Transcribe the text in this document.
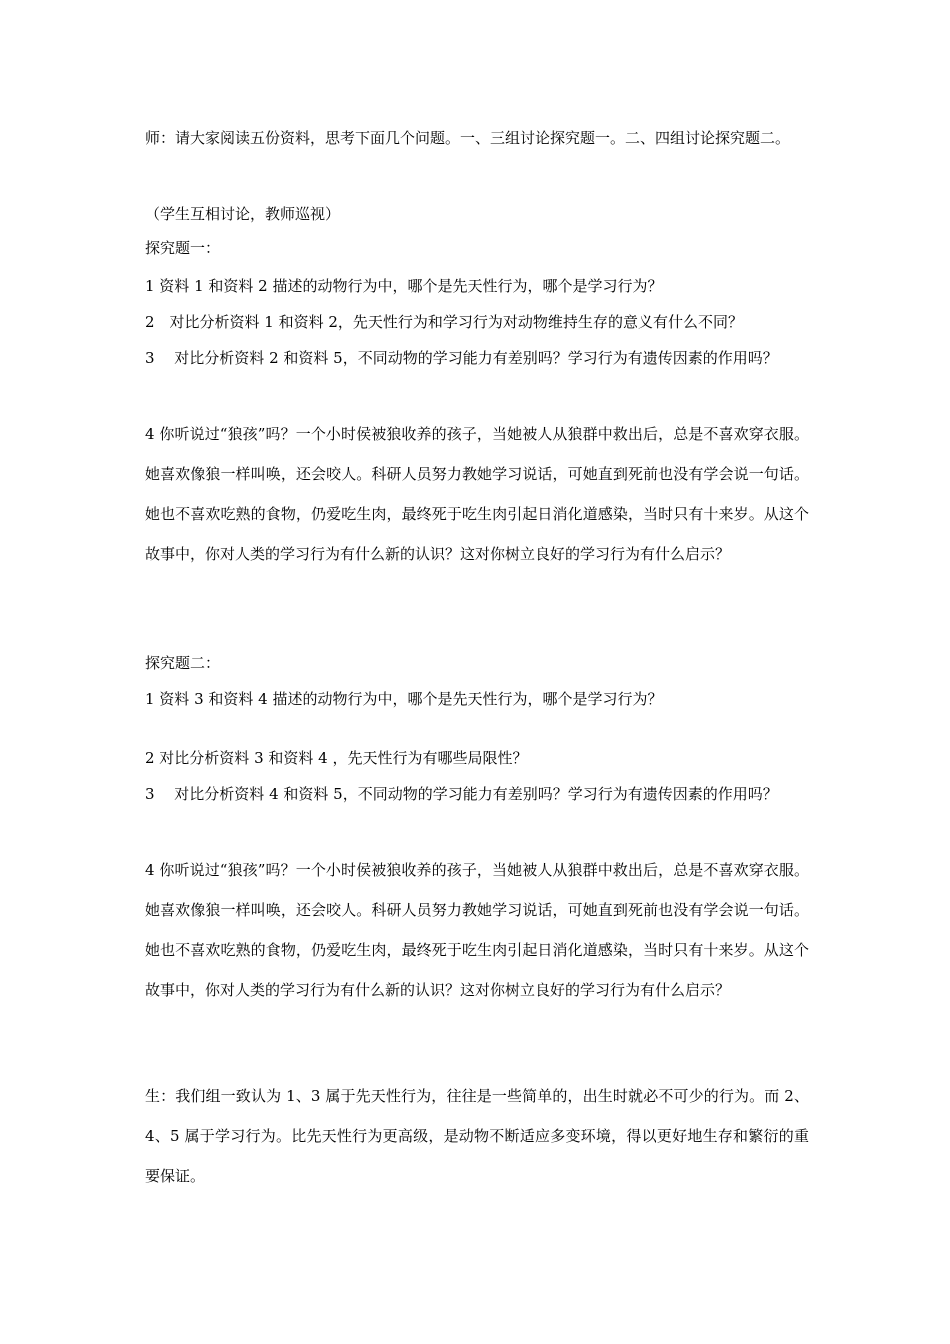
师：请大家阅读五份资料，思考下面几个问题。一、三组讨论探究题一。二、四组讨论探究题二。

（学生互相讨论，教师巡视）

探究题一：

1 资料 1 和资料 2 描述的动物行为中，哪个是先天性行为，哪个是学习行为？

2　对比分析资料 1 和资料 2，先天性行为和学习行为对动物维持生存的意义有什么不同？

3　 对比分析资料 2 和资料 5，不同动物的学习能力有差别吗？学习行为有遗传因素的作用吗？

4 你听说过“狼孩”吗？一个小时侯被狼收养的孩子，当她被人从狼群中救出后，总是不喜欢穿衣服。她喜欢像狼一样叫唤，还会咬人。科研人员努力教她学习说话，可她直到死前也没有学会说一句话。她也不喜欢吃熟的食物，仍爱吃生肉，最终死于吃生肉引起日消化道感染，当时只有十来岁。从这个故事中，你对人类的学习行为有什么新的认识？这对你树立良好的学习行为有什么启示？

探究题二：

1 资料 3 和资料 4 描述的动物行为中，哪个是先天性行为，哪个是学习行为？

2 对比分析资料 3 和资料 4 ，先天性行为有哪些局限性？

3　 对比分析资料 4 和资料 5，不同动物的学习能力有差别吗？学习行为有遗传因素的作用吗？

4 你听说过“狼孩”吗？一个小时侯被狼收养的孩子，当她被人从狼群中救出后，总是不喜欢穿衣服。她喜欢像狼一样叫唤，还会咬人。科研人员努力教她学习说话，可她直到死前也没有学会说一句话。她也不喜欢吃熟的食物，仍爱吃生肉，最终死于吃生肉引起日消化道感染，当时只有十来岁。从这个故事中，你对人类的学习行为有什么新的认识？这对你树立良好的学习行为有什么启示？

生：我们组一致认为 1、3 属于先天性行为，往往是一些简单的，出生时就必不可少的行为。而 2、4、5 属于学习行为。比先天性行为更高级，是动物不断适应多变环境，得以更好地生存和繁衍的重要保证。
